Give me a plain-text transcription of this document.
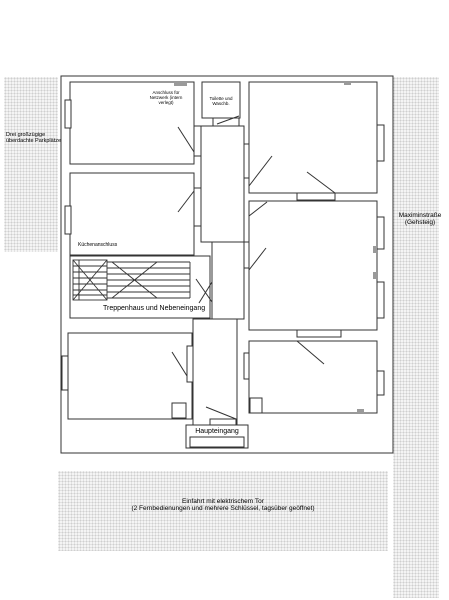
Drei großzügige überdachte Parkplätze
Maximinstraße
(Gehsteig)
Anschluss für Netzwerk (intern verlegt)
Toilette und Waschb.
Küchenanschluss
Treppenhaus und Nebeneingang
Haupteingang
Einfahrt mit elektrischem Tor
(2 Fernbedienungen und mehrere Schlüssel, tagsüber geöffnet)
